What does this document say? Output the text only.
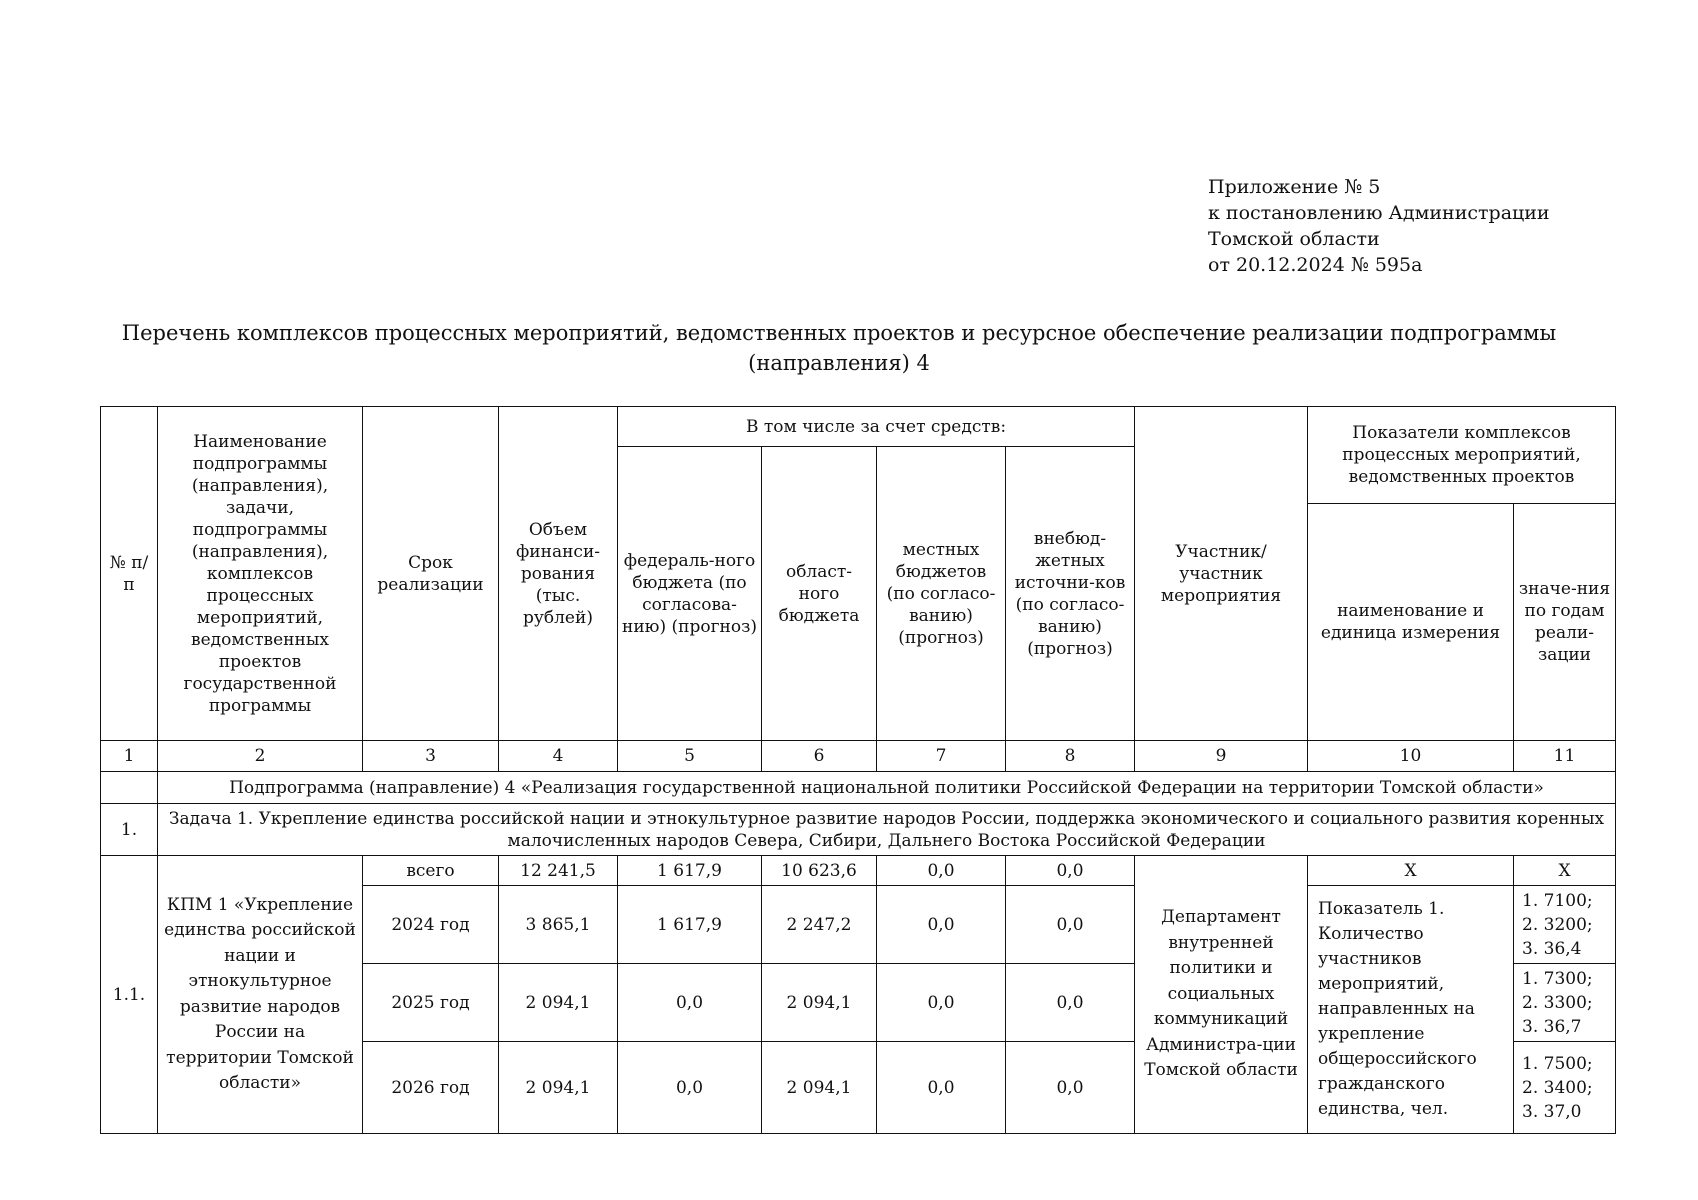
Приложение № 5
к постановлению Администрации
Томской области
от 20.12.2024 № 595а
Перечень комплексов процессных мероприятий, ведомственных проектов и ресурсное обеспечение реализации подпрограммы
(направления) 4
№ п/п	Наименование подпрограммы (направления), задачи, подпрограммы (направления), комплексов процессных мероприятий, ведомственных проектов государственной программы	Срок реализации	Объем финанси-рования (тыс. рублей)	В том числе за счет средств:				Участник/ участник мероприятия	Показатели комплексов процессных мероприятий, ведомственных проектов	
				федераль-ного бюджета (по согласова-нию) (прогноз)	област-ного бюджета	местных бюджетов (по согласо-ванию) (прогноз)	внебюд-жетных источни-ков (по согласо-ванию) (прогноз)			
									наименование и единица измерения	значе-ния по годам реали-зации
1	2	3	4	5	6	7	8	9	10	11
	Подпрограмма (направление) 4 «Реализация государственной национальной политики Российской Федерации на территории Томской области»									
1.	Задача 1. Укрепление единства российской нации и этнокультурное развитие народов России, поддержка экономического и социального развития коренных малочисленных народов Севера, Сибири, Дальнего Востока Российской Федерации									
1.1.	КПМ 1 «Укрепление единства российской нации и этнокультурное развитие народов России на территории Томской области»	всего	12 241,5	1 617,9	10 623,6	0,0	0,0	Департамент внутренней политики и социальных коммуникаций Администра-ции Томской области	Х	Х
		2024 год	3 865,1	1 617,9	2 247,2	0,0	0,0		Показатель 1. Количество участников мероприятий, направленных на укрепление общероссийского гражданского единства, чел.	1. 7100; 2. 3200; 3. 36,4
		2025 год	2 094,1	0,0	2 094,1	0,0	0,0			1. 7300; 2. 3300; 3. 36,7
		2026 год	2 094,1	0,0	2 094,1	0,0	0,0			1. 7500; 2. 3400; 3. 37,0
